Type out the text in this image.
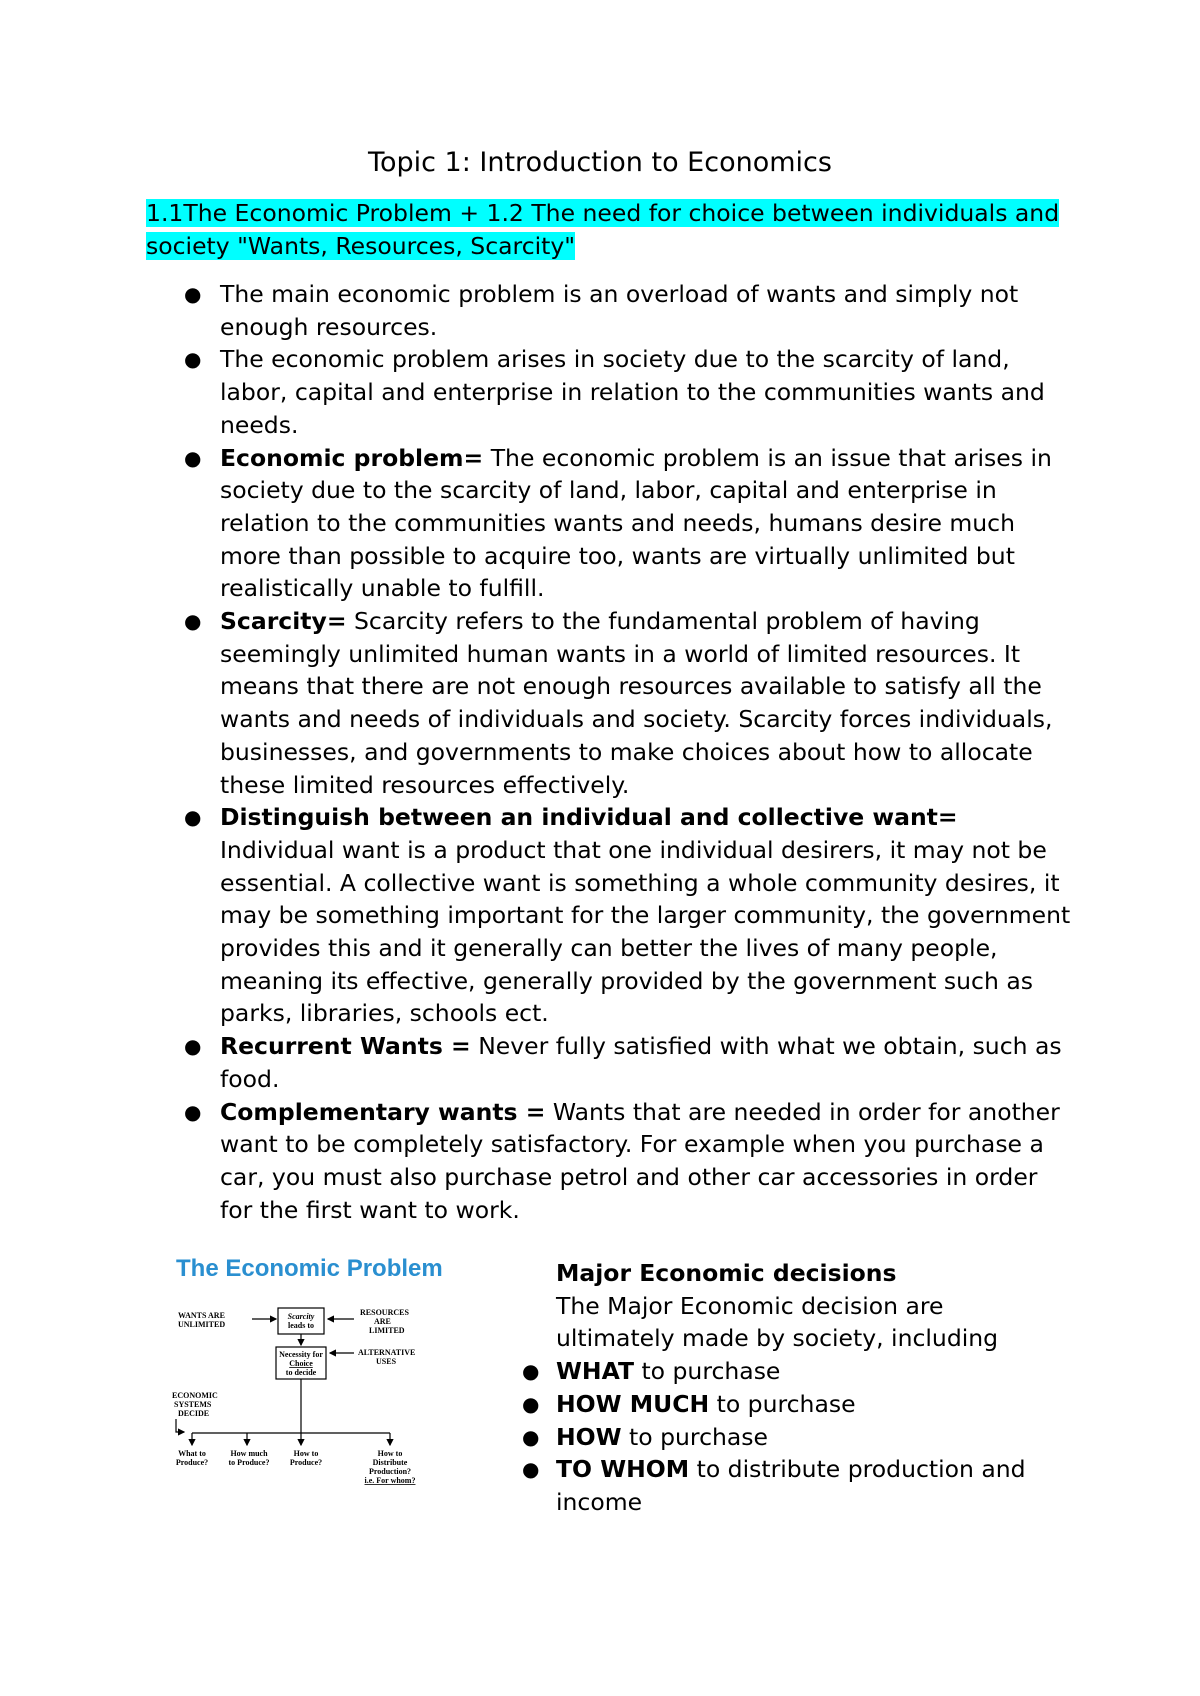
Topic 1: Introduction to Economics
1.1The Economic Problem + 1.2 The need for choice between individuals and society "Wants, Resources, Scarcity"
● The main economic problem is an overload of wants and simply not enough resources.
● The economic problem arises in society due to the scarcity of land, labor, capital and enterprise in relation to the communities wants and needs.
● Economic problem= The economic problem is an issue that arises in society due to the scarcity of land, labor, capital and enterprise in relation to the communities wants and needs, humans desire much more than possible to acquire too, wants are virtually unlimited but realistically unable to fulfill.
● Scarcity= Scarcity refers to the fundamental problem of having seemingly unlimited human wants in a world of limited resources. It means that there are not enough resources available to satisfy all the wants and needs of individuals and society. Scarcity forces individuals, businesses, and governments to make choices about how to allocate these limited resources effectively.
● Distinguish between an individual and collective want= Individual want is a product that one individual desirers, it may not be essential. A collective want is something a whole community desires, it may be something important for the larger community, the government provides this and it generally can better the lives of many people, meaning its effective, generally provided by the government such as parks, libraries, schools ect.
● Recurrent Wants = Never fully satisfied with what we obtain, such as food.
● Complementary wants = Wants that are needed in order for another want to be completely satisfactory. For example when you purchase a car, you must also purchase petrol and other car accessories in order for the first want to work.
The Economic Problem
WANTS ARE
UNLIMITED
Scarcity
leads to
RESOURCES
ARE
LIMITED
Necessity for
Choice
to decide
ALTERNATIVE
USES
ECONOMIC
SYSTEMS
DECIDE
What to
Produce?
How much
to Produce?
How to
Produce?
How to
Distribute
Production?
i.e. For whom?
Major Economic decisions
The Major Economic decision are ultimately made by society, including
● WHAT to purchase
● HOW MUCH to purchase
● HOW to purchase
● TO WHOM to distribute production and income
